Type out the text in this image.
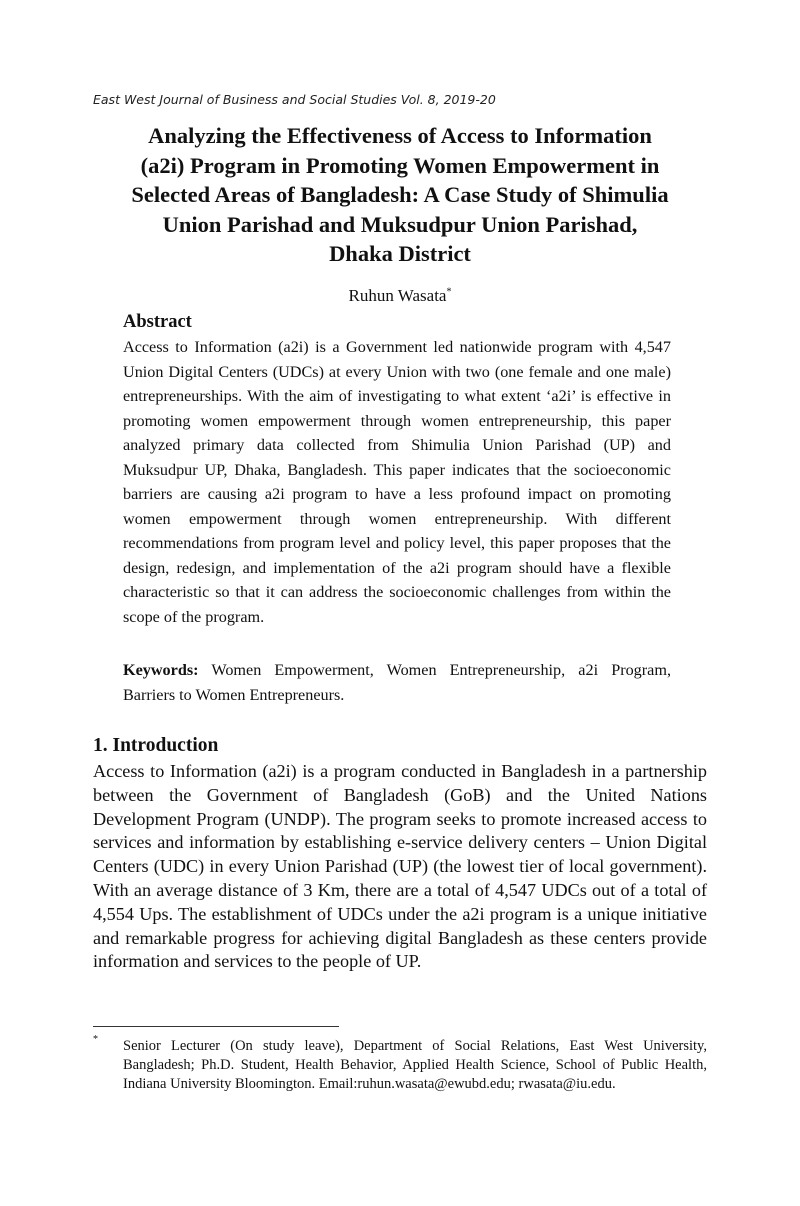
East West Journal of Business and Social Studies Vol. 8, 2019-20
Analyzing the Effectiveness of Access to Information (a2i) Program in Promoting Women Empowerment in Selected Areas of Bangladesh: A Case Study of Shimulia Union Parishad and Muksudpur Union Parishad, Dhaka District
Ruhun Wasata*
Abstract

Access to Information (a2i) is a Government led nationwide program with 4,547 Union Digital Centers (UDCs) at every Union with two (one female and one male) entrepreneurships. With the aim of investigating to what extent ‘a2i’ is effective in promoting women empowerment through women entrepreneurship, this paper analyzed primary data collected from Shimulia Union Parishad (UP) and Muksudpur UP, Dhaka, Bangladesh. This paper indicates that the socioeconomic barriers are causing a2i program to have a less profound impact on promoting women empowerment through women entrepreneurship. With different recommendations from program level and policy level, this paper proposes that the design, redesign, and implementation of the a2i program should have a flexible characteristic so that it can address the socioeconomic challenges from within the scope of the program.

Keywords: Women Empowerment, Women Entrepreneurship, a2i Program, Barriers to Women Entrepreneurs.

1. Introduction

Access to Information (a2i) is a program conducted in Bangladesh in a partnership between the Government of Bangladesh (GoB) and the United Nations Development Program (UNDP). The program seeks to promote increased access to services and information by establishing e-service delivery centers – Union Digital Centers (UDC) in every Union Parishad (UP) (the lowest tier of local government). With an average distance of 3 Km, there are a total of 4,547 UDCs out of a total of 4,554 Ups. The establishment of UDCs under the a2i program is a unique initiative and remarkable progress for achieving digital Bangladesh as these centers provide information and services to the people of UP.

* Senior Lecturer (On study leave), Department of Social Relations, East West University, Bangladesh; Ph.D. Student, Health Behavior, Applied Health Science, School of Public Health, Indiana University Bloomington. Email:ruhun.wasata@ewubd.edu; rwasata@iu.edu.
